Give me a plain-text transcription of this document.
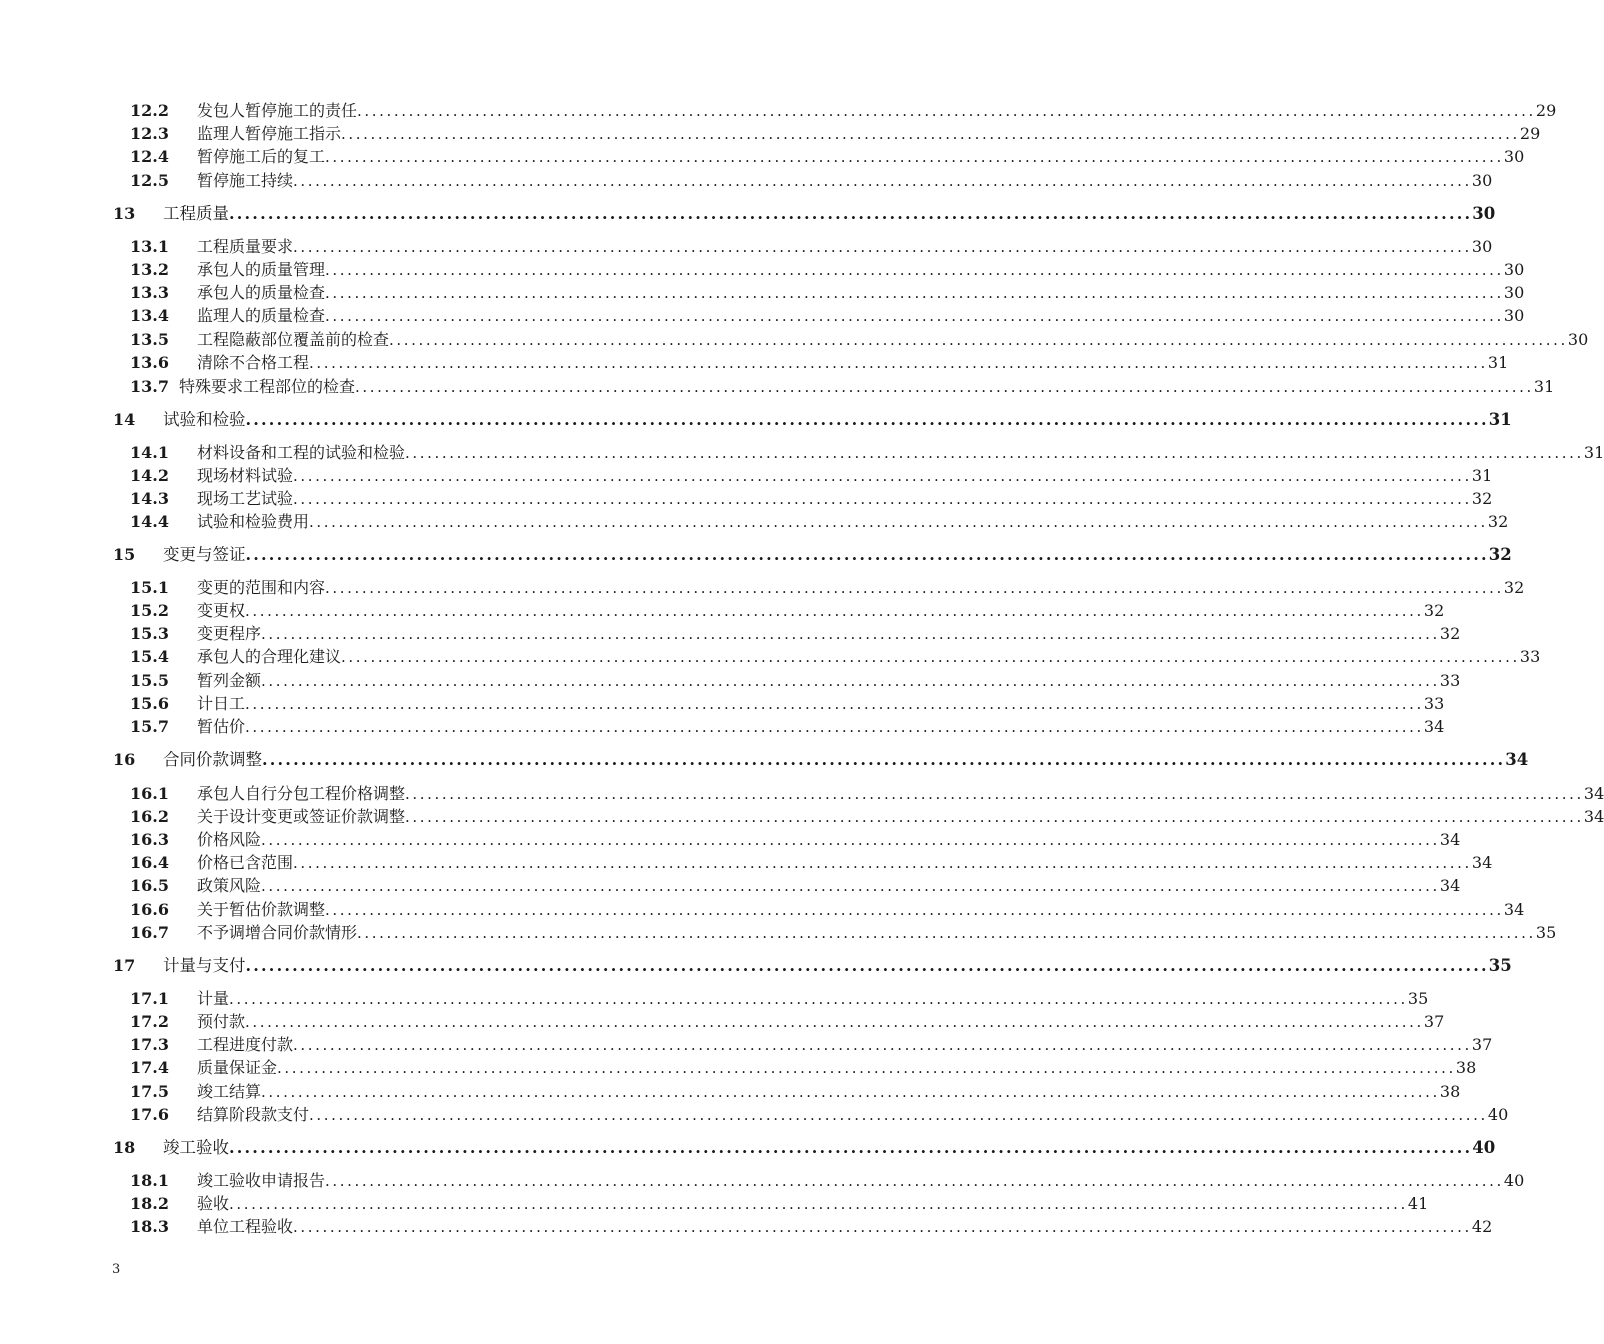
12.2 发包人暂停施工的责任 ................................................................................................................................................................ 29
12.3 监理人暂停施工指示 ................................................................................................................................................................ 29
12.4 暂停施工后的复工 ................................................................................................................................................................ 30
12.5 暂停施工持续 ................................................................................................................................................................ 30
13 工程质量 ................................................................................................................................................................ 30
13.1 工程质量要求 ................................................................................................................................................................ 30
13.2 承包人的质量管理 ................................................................................................................................................................ 30
13.3 承包人的质量检查 ................................................................................................................................................................ 30
13.4 监理人的质量检查 ................................................................................................................................................................ 30
13.5 工程隐蔽部位覆盖前的检查 ................................................................................................................................................................ 30
13.6 清除不合格工程 ................................................................................................................................................................ 31
13.7 特殊要求工程部位的检查 ................................................................................................................................................................ 31
14 试验和检验 ................................................................................................................................................................ 31
14.1 材料设备和工程的试验和检验 ................................................................................................................................................................ 31
14.2 现场材料试验 ................................................................................................................................................................ 31
14.3 现场工艺试验 ................................................................................................................................................................ 32
14.4 试验和检验费用 ................................................................................................................................................................ 32
15 变更与签证 ................................................................................................................................................................ 32
15.1 变更的范围和内容 ................................................................................................................................................................ 32
15.2 变更权 ................................................................................................................................................................ 32
15.3 变更程序 ................................................................................................................................................................ 32
15.4 承包人的合理化建议 ................................................................................................................................................................ 33
15.5 暂列金额 ................................................................................................................................................................ 33
15.6 计日工 ................................................................................................................................................................ 33
15.7 暂估价 ................................................................................................................................................................ 34
16 合同价款调整 ................................................................................................................................................................ 34
16.1 承包人自行分包工程价格调整 ................................................................................................................................................................ 34
16.2 关于设计变更或签证价款调整 ................................................................................................................................................................ 34
16.3 价格风险 ................................................................................................................................................................ 34
16.4 价格已含范围 ................................................................................................................................................................ 34
16.5 政策风险 ................................................................................................................................................................ 34
16.6 关于暂估价款调整 ................................................................................................................................................................ 34
16.7 不予调增合同价款情形 ................................................................................................................................................................ 35
17 计量与支付 ................................................................................................................................................................ 35
17.1 计量 ................................................................................................................................................................ 35
17.2 预付款 ................................................................................................................................................................ 37
17.3 工程进度付款 ................................................................................................................................................................ 37
17.4 质量保证金 ................................................................................................................................................................ 38
17.5 竣工结算 ................................................................................................................................................................ 38
17.6 结算阶段款支付 ................................................................................................................................................................ 40
18 竣工验收 ................................................................................................................................................................ 40
18.1 竣工验收申请报告 ................................................................................................................................................................ 40
18.2 验收 ................................................................................................................................................................ 41
18.3 单位工程验收 ................................................................................................................................................................ 42
3
